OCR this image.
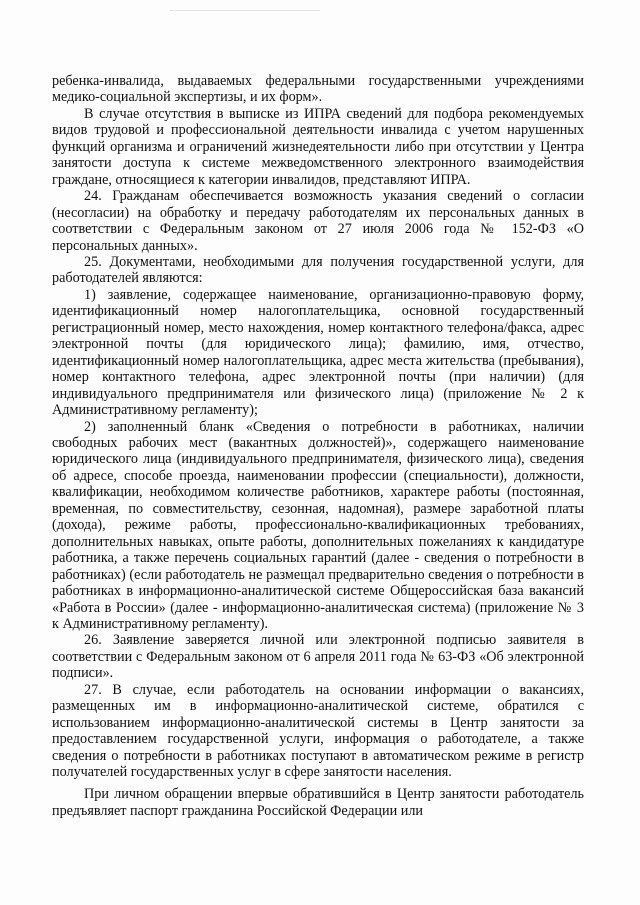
ребенка-инвалида, выдаваемых федеральными государственными учреждениями медико-социальной экспертизы, и их форм».

В случае отсутствия в выписке из ИПРА сведений для подбора рекомендуемых видов трудовой и профессиональной деятельности инвалида с учетом нарушенных функций организма и ограничений жизнедеятельности либо при отсутствии у Центра занятости доступа к системе межведомственного электронного взаимодействия граждане, относящиеся к категории инвалидов, представляют ИПРА.

24. Гражданам обеспечивается возможность указания сведений о согласии (несогласии) на обработку и передачу работодателям их персональных данных в соответствии с Федеральным законом от 27 июля 2006 года № 152-ФЗ «О персональных данных».

25. Документами, необходимыми для получения государственной услуги, для работодателей являются:

1) заявление, содержащее наименование, организационно-правовую форму, идентификационный номер налогоплательщика, основной государственный регистрационный номер, место нахождения, номер контактного телефона/факса, адрес электронной почты (для юридического лица); фамилию, имя, отчество, идентификационный номер налогоплательщика, адрес места жительства (пребывания), номер контактного телефона, адрес электронной почты (при наличии) (для индивидуального предпринимателя или физического лица) (приложение № 2 к Административному регламенту);

2) заполненный бланк «Сведения о потребности в работниках, наличии свободных рабочих мест (вакантных должностей)», содержащего наименование юридического лица (индивидуального предпринимателя, физического лица), сведения об адресе, способе проезда, наименовании профессии (специальности), должности, квалификации, необходимом количестве работников, характере работы (постоянная, временная, по совместительству, сезонная, надомная), размере заработной платы (дохода), режиме работы, профессионально-квалификационных требованиях, дополнительных навыках, опыте работы, дополнительных пожеланиях к кандидатуре работника, а также перечень социальных гарантий (далее - сведения о потребности в работниках) (если работодатель не размещал предварительно сведения о потребности в работниках в информационно-аналитической системе Общероссийская база вакансий «Работа в России» (далее - информационно-аналитическая система) (приложение № 3 к Административному регламенту).

26. Заявление заверяется личной или электронной подписью заявителя в соответствии с Федеральным законом от 6 апреля 2011 года № 63-ФЗ «Об электронной подписи».

27. В случае, если работодатель на основании информации о вакансиях, размещенных им в информационно-аналитической системе, обратился с использованием информационно-аналитической системы в Центр занятости за предоставлением государственной услуги, информация о работодателе, а также сведения о потребности в работниках поступают в автоматическом режиме в регистр получателей государственных услуг в сфере занятости населения.

При личном обращении впервые обратившийся в Центр занятости работодатель предъявляет паспорт гражданина Российской Федерации или
